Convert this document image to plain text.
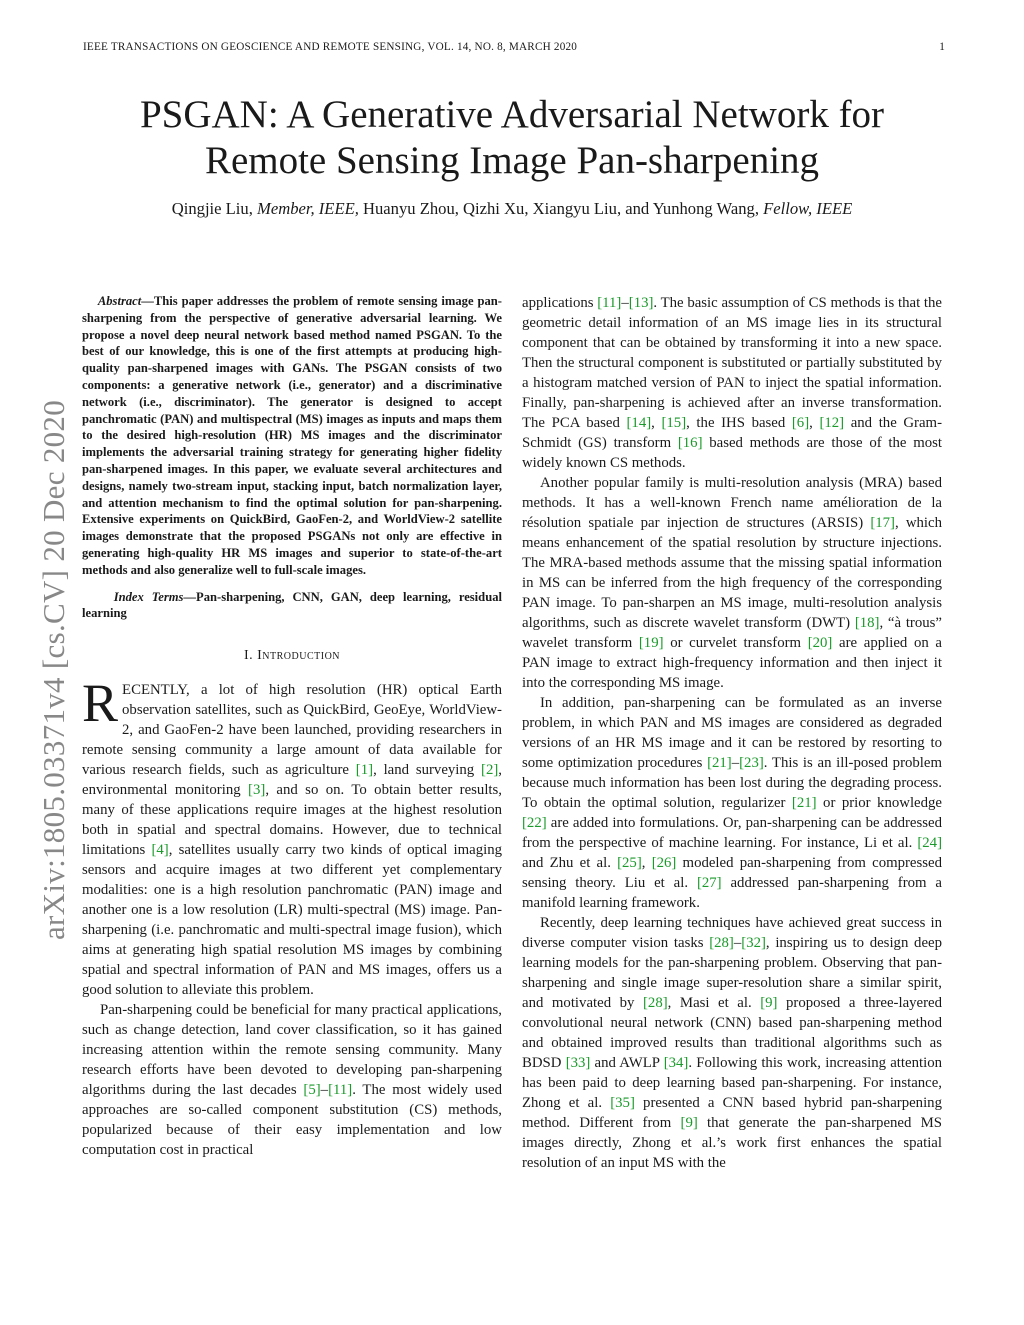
IEEE TRANSACTIONS ON GEOSCIENCE AND REMOTE SENSING, VOL. 14, NO. 8, MARCH 2020	1
PSGAN: A Generative Adversarial Network for
Remote Sensing Image Pan-sharpening
Qingjie Liu, Member, IEEE, Huanyu Zhou, Qizhi Xu, Xiangyu Liu, and Yunhong Wang, Fellow, IEEE
arXiv:1805.03371v4 [cs.CV] 20 Dec 2020
Abstract—This paper addresses the problem of remote sensing image pan-sharpening from the perspective of generative adversarial learning. We propose a novel deep neural network based method named PSGAN. To the best of our knowledge, this is one of the first attempts at producing high-quality pan-sharpened images with GANs. The PSGAN consists of two components: a generative network (i.e., generator) and a discriminative network (i.e., discriminator). The generator is designed to accept panchromatic (PAN) and multispectral (MS) images as inputs and maps them to the desired high-resolution (HR) MS images and the discriminator implements the adversarial training strategy for generating higher fidelity pan-sharpened images. In this paper, we evaluate several architectures and designs, namely two-stream input, stacking input, batch normalization layer, and attention mechanism to find the optimal solution for pan-sharpening. Extensive experiments on QuickBird, GaoFen-2, and WorldView-2 satellite images demonstrate that the proposed PSGANs not only are effective in generating high-quality HR MS images and superior to state-of-the-art methods and also generalize well to full-scale images.
Index Terms—Pan-sharpening, CNN, GAN, deep learning, residual learning
I. Introduction

RECENTLY, a lot of high resolution (HR) optical Earth observation satellites, such as QuickBird, GeoEye, WorldView-2, and GaoFen-2 have been launched, providing researchers in remote sensing community a large amount of data available for various research fields, such as agriculture [1], land surveying [2], environmental monitoring [3], and so on. To obtain better results, many of these applications require images at the highest resolution both in spatial and spectral domains. However, due to technical limitations [4], satellites usually carry two kinds of optical imaging sensors and acquire images at two different yet complementary modalities: one is a high resolution panchromatic (PAN) image and another one is a low resolution (LR) multi-spectral (MS) image. Pan-sharpening (i.e. panchromatic and multi-spectral image fusion), which aims at generating high spatial resolution MS images by combining spatial and spectral information of PAN and MS images, offers us a good solution to alleviate this problem.

Pan-sharpening could be beneficial for many practical applications, such as change detection, land cover classification, so it has gained increasing attention within the remote sensing community. Many research efforts have been devoted to developing pan-sharpening algorithms during the last decades [5]–[11]. The most widely used approaches are so-called component substitution (CS) methods, popularized because of their easy implementation and low computation cost in practical

applications [11]–[13]. The basic assumption of CS methods is that the geometric detail information of an MS image lies in its structural component that can be obtained by transforming it into a new space. Then the structural component is substituted or partially substituted by a histogram matched version of PAN to inject the spatial information. Finally, pan-sharpening is achieved after an inverse transformation. The PCA based [14], [15], the IHS based [6], [12] and the Gram-Schmidt (GS) transform [16] based methods are those of the most widely known CS methods.

Another popular family is multi-resolution analysis (MRA) based methods. It has a well-known French name amélioration de la résolution spatiale par injection de structures (ARSIS) [17], which means enhancement of the spatial resolution by structure injections. The MRA-based methods assume that the missing spatial information in MS can be inferred from the high frequency of the corresponding PAN image. To pan-sharpen an MS image, multi-resolution analysis algorithms, such as discrete wavelet transform (DWT) [18], “à trous” wavelet transform [19] or curvelet transform [20] are applied on a PAN image to extract high-frequency information and then inject it into the corresponding MS image.

In addition, pan-sharpening can be formulated as an inverse problem, in which PAN and MS images are considered as degraded versions of an HR MS image and it can be restored by resorting to some optimization procedures [21]–[23]. This is an ill-posed problem because much information has been lost during the degrading process. To obtain the optimal solution, regularizer [21] or prior knowledge [22] are added into formulations. Or, pan-sharpening can be addressed from the perspective of machine learning. For instance, Li et al. [24] and Zhu et al. [25], [26] modeled pan-sharpening from compressed sensing theory. Liu et al. [27] addressed pan-sharpening from a manifold learning framework.

Recently, deep learning techniques have achieved great success in diverse computer vision tasks [28]–[32], inspiring us to design deep learning models for the pan-sharpening problem. Observing that pan-sharpening and single image super-resolution share a similar spirit, and motivated by [28], Masi et al. [9] proposed a three-layered convolutional neural network (CNN) based pan-sharpening method and obtained improved results than traditional algorithms such as BDSD [33] and AWLP [34]. Following this work, increasing attention has been paid to deep learning based pan-sharpening. For instance, Zhong et al. [35] presented a CNN based hybrid pan-sharpening method. Different from [9] that generate the pan-sharpened MS images directly, Zhong et al.’s work first enhances the spatial resolution of an input MS with the
